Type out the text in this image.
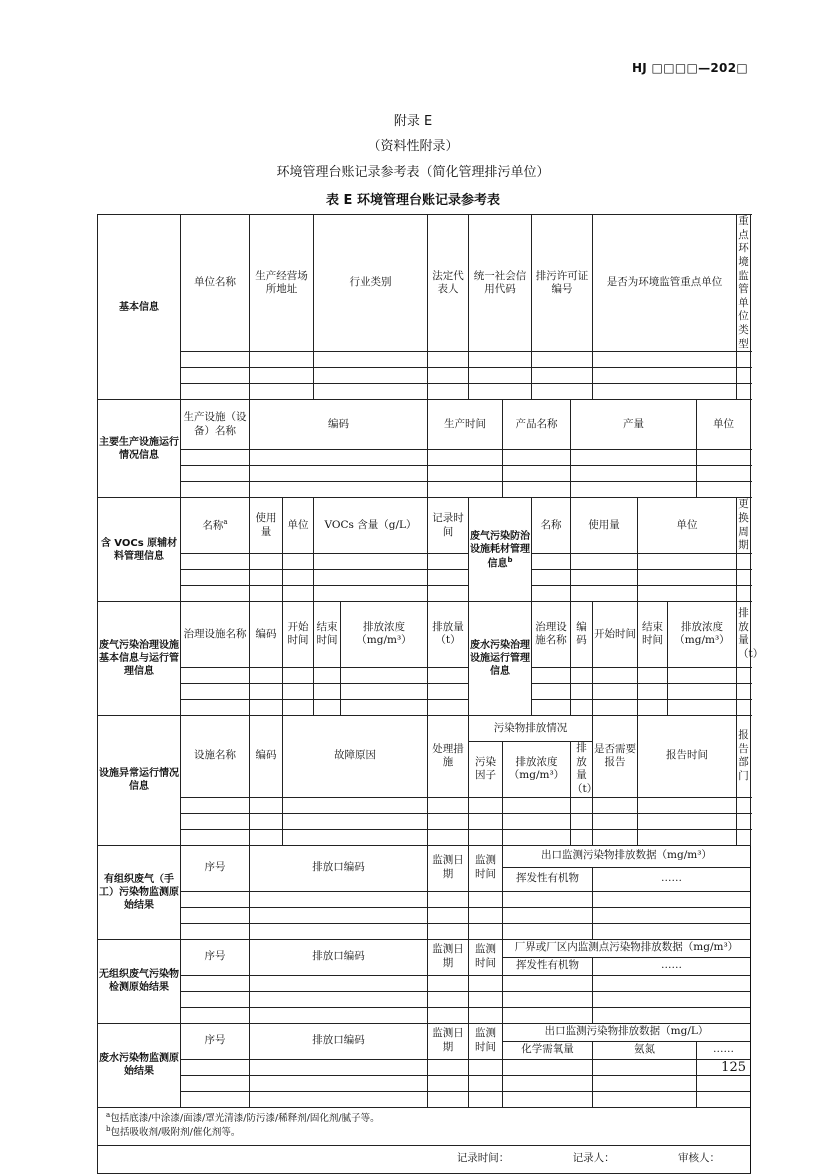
HJ □□□□—202□
附录 E
（资料性附录）
环境管理台账记录参考表（简化管理排污单位）
表 E 环境管理台账记录参考表
基本信息	单位名称	生产经营场所地址		行业类别		法定代表人	统一社会信用代码		排污许可证编号		是否为环境监管重点单位				重点环境监管单位类型

主要生产设施运行情况信息	生产设施（设备）名称	编码				生产时间		产品名称		产量				单位	

含 VOCs 原辅材料管理信息	名称$^a$	使用量	单位	VOCs 含量（g/L）		记录时间	废气污染防治设施耗材管理信息$^b$		名称	使用量		单位			更换周期

废气污染治理设施基本信息与运行管理信息	治理设施名称	编码	开始时间	结束时间	排放浓度（mg/m³）	排放量（t）	废水污染治理设施运行管理信息		治理设施名称	编码	开始时间	结束时间	排放浓度（mg/m³）		排放量（t）

设施异常运行情况信息	设施名称	编码	故障原因			处理措施	污染物排放情况				是否需要报告	报告时间			报告部门
							污染因子	排放浓度（mg/m³）		排放量（t）					

有组织废气（手工）污染物监测原始结果	序号	排放口编码				监测日期	监测时间	出口监测污染物排放数据（mg/m³）							
								挥发性有机物			……				

无组织废气污染物检测原始结果	序号	排放口编码				监测日期	监测时间	厂界或厂区内监测点污染物排放数据（mg/m³）							
								挥发性有机物			……				

废水污染物监测原始结果	序号	排放口编码				监测日期	监测时间	出口监测污染物排放数据（mg/L）							
								化学需氧量			氨氮			……	

$^a$包括底漆/中涂漆/面漆/罩光清漆/防污漆/稀释剂/固化剂/腻子等。
$^b$包括吸收剂/吸附剂/催化剂等。															

记录时间： 记录人： 审核人：															
125
